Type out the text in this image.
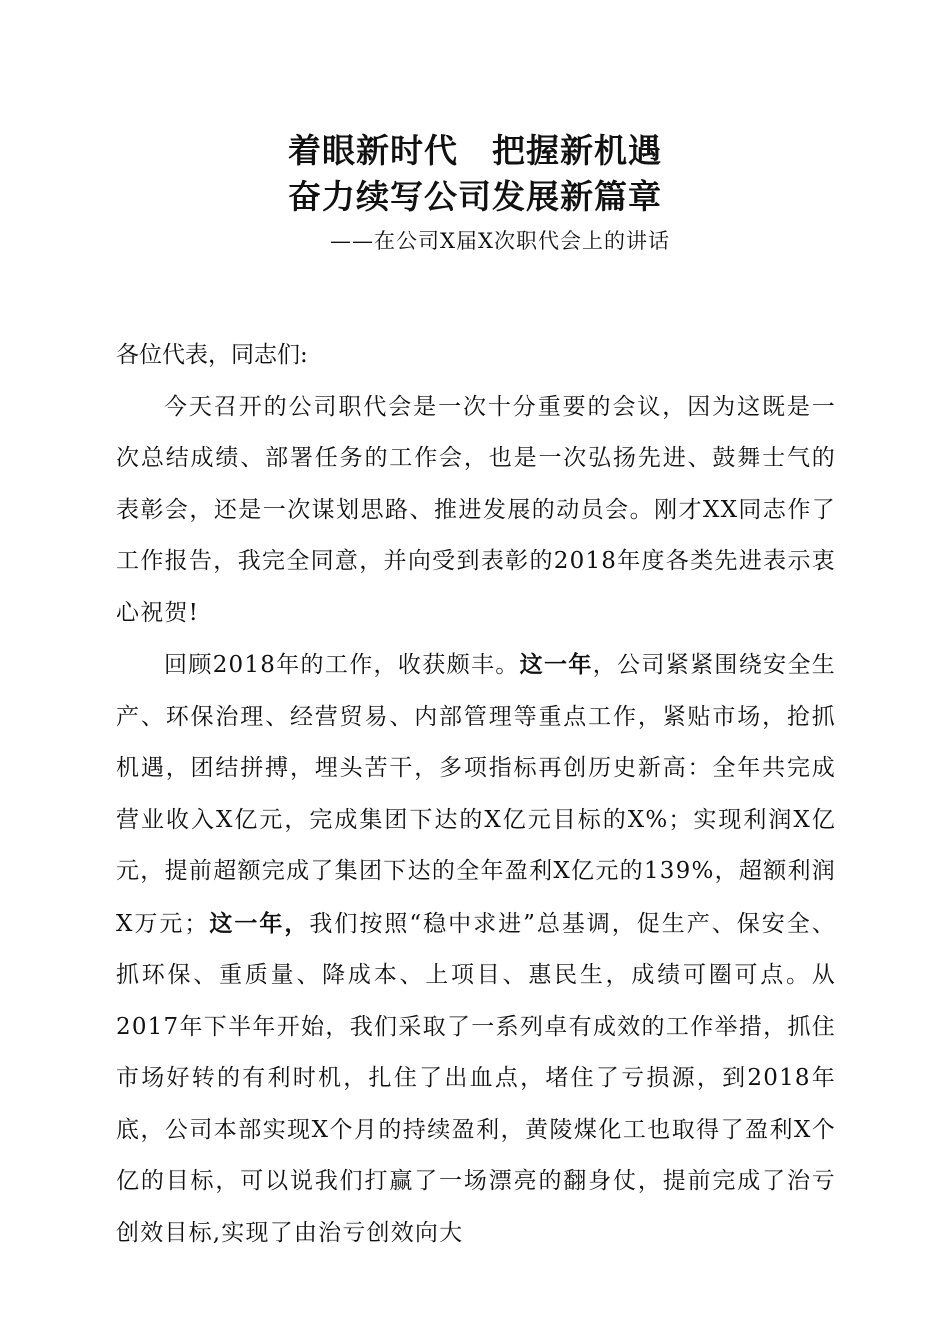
着眼新时代　把握新机遇
奋力续写公司发展新篇章
——在公司X届X次职代会上的讲话

各位代表，同志们:

今天召开的公司职代会是一次十分重要的会议，因为这既是一次总结成绩、部署任务的工作会，也是一次弘扬先进、鼓舞士气的表彰会，还是一次谋划思路、推进发展的动员会。刚才XX同志作了工作报告，我完全同意，并向受到表彰的2018年度各类先进表示衷心祝贺!

回顾2018年的工作，收获颇丰。这一年，公司紧紧围绕安全生产、环保治理、经营贸易、内部管理等重点工作，紧贴市场，抢抓机遇，团结拼搏，埋头苦干，多项指标再创历史新高：全年共完成营业收入X亿元，完成集团下达的X亿元目标的X%；实现利润X亿元，提前超额完成了集团下达的全年盈利X亿元的139%，超额利润X万元；这一年，我们按照“稳中求进”总基调，促生产、保安全、抓环保、重质量、降成本、上项目、惠民生，成绩可圈可点。从2017年下半年开始，我们采取了一系列卓有成效的工作举措，抓住市场好转的有利时机，扎住了出血点，堵住了亏损源，到2018年底，公司本部实现X个月的持续盈利，黄陵煤化工也取得了盈利X个亿的目标，可以说我们打赢了一场漂亮的翻身仗，提前完成了治亏创效目标,实现了由治亏创效向大
